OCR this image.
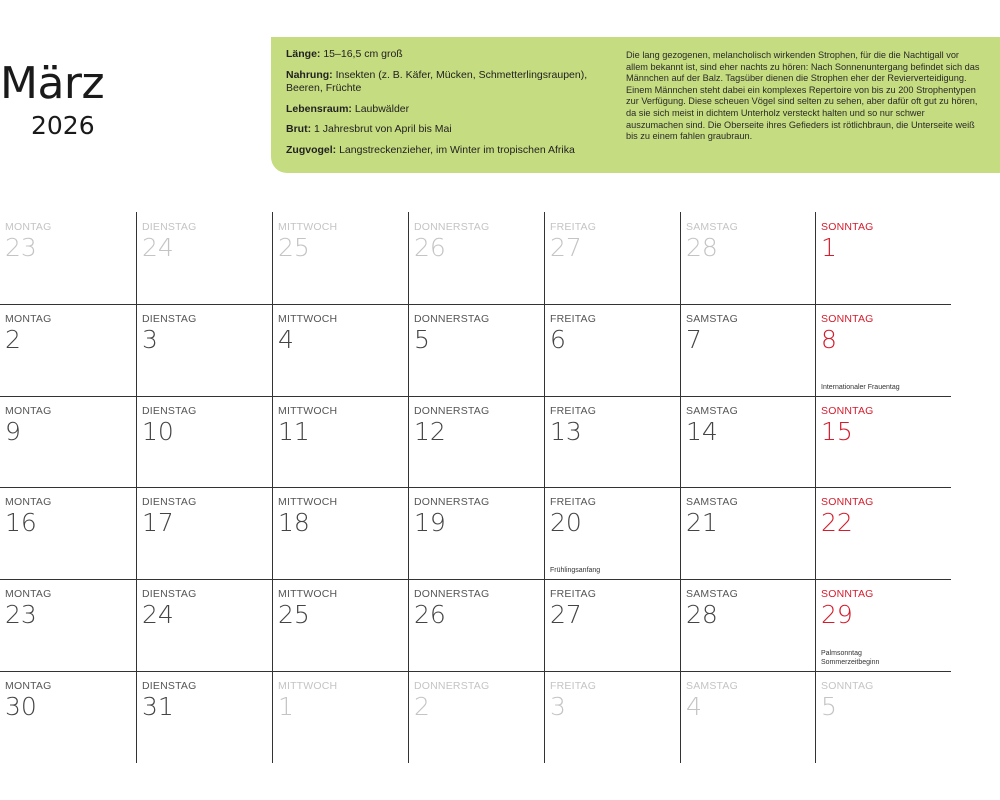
März
2026
Länge: 15–16,5 cm groß
Nahrung: Insekten (z. B. Käfer, Mücken, Schmetterlingsraupen), Beeren, Früchte
Lebensraum: Laubwälder
Brut: 1 Jahresbrut von April bis Mai
Zugvogel: Langstreckenzieher, im Winter im tropischen Afrika
Die lang gezogenen, melancholisch wirkenden Strophen, für die die Nachtigall vor allem bekannt ist, sind eher nachts zu hören: Nach Sonnenuntergang befindet sich das Männchen auf der Balz. Tagsüber dienen die Strophen eher der Revierverteidigung. Einem Männchen steht dabei ein komplexes Repertoire von bis zu 200 Strophentypen zur Verfügung. Diese scheuen Vögel sind selten zu sehen, aber dafür oft gut zu hören, da sie sich meist in dichtem Unterholz versteckt halten und so nur schwer auszumachen sind. Die Oberseite ihres Gefieders ist rötlichbraun, die Unterseite weiß bis zu einem fahlen graubraun.
MONTAG
23
DIENSTAG
24
MITTWOCH
25
DONNERSTAG
26
FREITAG
27
SAMSTAG
28
SONNTAG
1
MONTAG
2
DIENSTAG
3
MITTWOCH
4
DONNERSTAG
5
FREITAG
6
SAMSTAG
7
SONNTAG
8
Internationaler Frauentag
MONTAG
9
DIENSTAG
10
MITTWOCH
11
DONNERSTAG
12
FREITAG
13
SAMSTAG
14
SONNTAG
15
MONTAG
16
DIENSTAG
17
MITTWOCH
18
DONNERSTAG
19
FREITAG
20
Frühlingsanfang
SAMSTAG
21
SONNTAG
22
MONTAG
23
DIENSTAG
24
MITTWOCH
25
DONNERSTAG
26
FREITAG
27
SAMSTAG
28
SONNTAG
29
Palmsonntag
Sommerzeitbeginn
MONTAG
30
DIENSTAG
31
MITTWOCH
1
DONNERSTAG
2
FREITAG
3
SAMSTAG
4
SONNTAG
5
